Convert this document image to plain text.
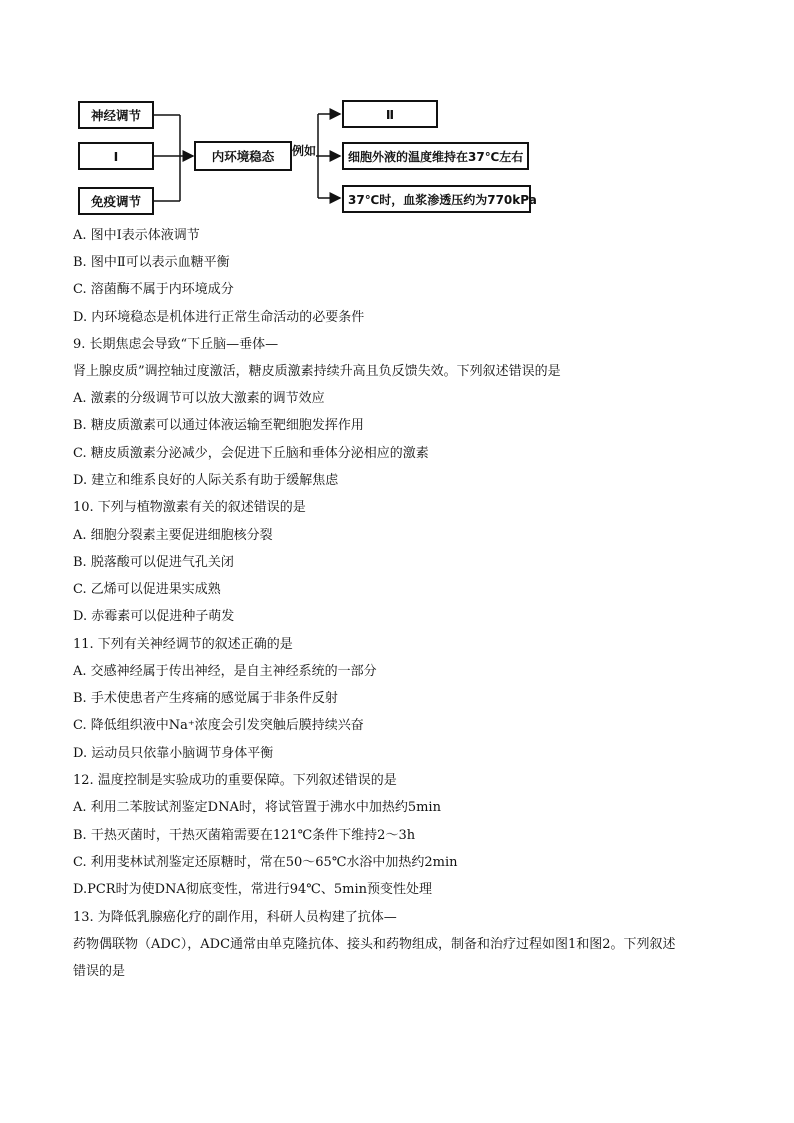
神经调节
Ⅰ
免疫调节
内环境稳态	例如
Ⅱ
细胞外液的温度维持在37℃左右
37℃时，血浆渗透压约为770kPa
A. 图中Ⅰ表示体液调节
B. 图中Ⅱ可以表示血糖平衡
C. 溶菌酶不属于内环境成分
D. 内环境稳态是机体进行正常生命活动的必要条件
9. 长期焦虑会导致“下丘脑—垂体—
肾上腺皮质”调控轴过度激活，糖皮质激素持续升高且负反馈失效。下列叙述错误的是
A. 激素的分级调节可以放大激素的调节效应
B. 糖皮质激素可以通过体液运输至靶细胞发挥作用
C. 糖皮质激素分泌减少，会促进下丘脑和垂体分泌相应的激素
D. 建立和维系良好的人际关系有助于缓解焦虑
10. 下列与植物激素有关的叙述错误的是
A. 细胞分裂素主要促进细胞核分裂
B. 脱落酸可以促进气孔关闭
C. 乙烯可以促进果实成熟
D. 赤霉素可以促进种子萌发
11. 下列有关神经调节的叙述正确的是
A. 交感神经属于传出神经，是自主神经系统的一部分
B. 手术使患者产生疼痛的感觉属于非条件反射
C. 降低组织液中Na⁺浓度会引发突触后膜持续兴奋
D. 运动员只依靠小脑调节身体平衡
12. 温度控制是实验成功的重要保障。下列叙述错误的是
A. 利用二苯胺试剂鉴定DNA时，将试管置于沸水中加热约5min
B. 干热灭菌时，干热灭菌箱需要在121℃条件下维持2～3h
C. 利用斐林试剂鉴定还原糖时，常在50～65℃水浴中加热约2min
D.PCR时为使DNA彻底变性，常进行94℃、5min预变性处理
13. 为降低乳腺癌化疗的副作用，科研人员构建了抗体—
药物偶联物（ADC），ADC通常由单克隆抗体、接头和药物组成，制备和治疗过程如图1和图2。下列叙述
错误的是
